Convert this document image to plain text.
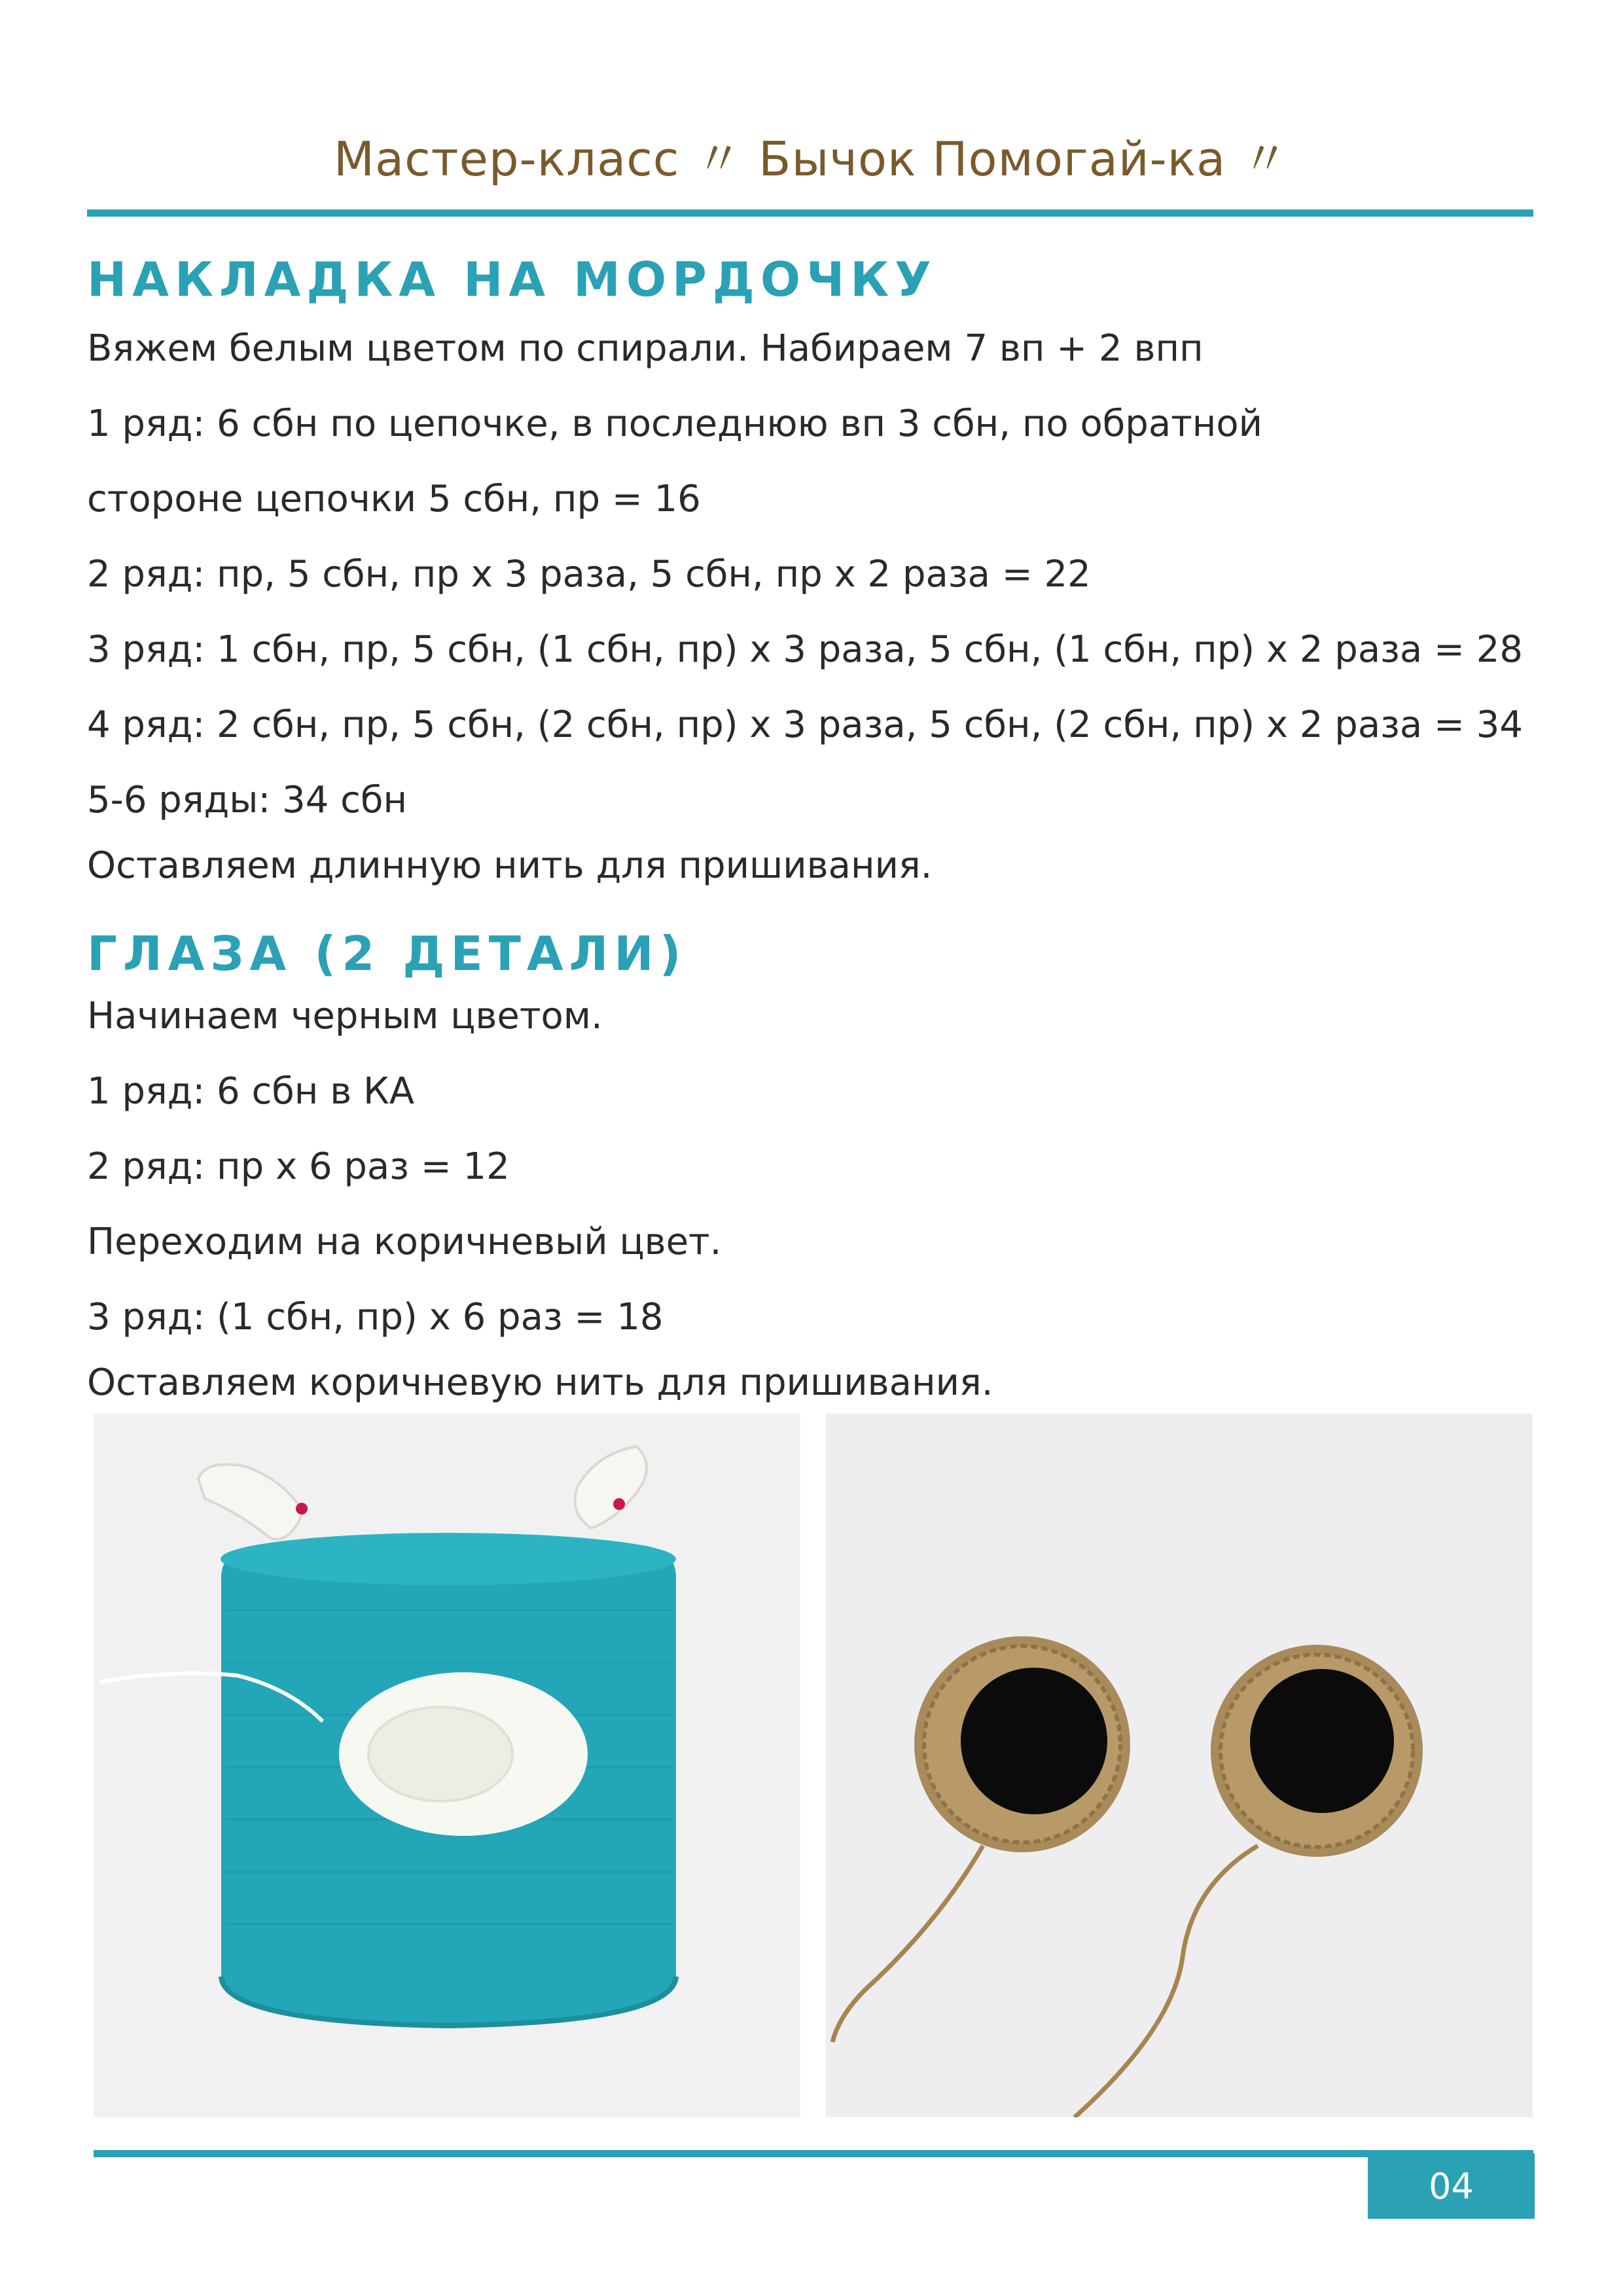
Мастер-класс 〃 Бычок Помогай-ка 〃
НАКЛАДКА НА МОРДОЧКУ
Вяжем белым цветом по спирали. Набираем 7 вп + 2 впп
1 ряд: 6 сбн по цепочке, в последнюю вп 3 сбн, по обратной
стороне цепочки 5 сбн, пр = 16
2 ряд: пр, 5 сбн, пр х 3 раза, 5 сбн, пр х 2 раза = 22
3 ряд: 1 сбн, пр, 5 сбн, (1 сбн, пр) х 3 раза, 5 сбн, (1 сбн, пр) х 2 раза = 28
4 ряд: 2 сбн, пр, 5 сбн, (2 сбн, пр) х 3 раза, 5 сбн, (2 сбн, пр) х 2 раза = 34
5-6 ряды: 34 сбн
Оставляем длинную нить для пришивания.
ГЛАЗА (2 ДЕТАЛИ)
Начинаем черным цветом.
1 ряд: 6 сбн в КА
2 ряд: пр х 6 раз = 12
Переходим на коричневый цвет.
3 ряд: (1 сбн, пр) х 6 раз = 18
Оставляем коричневую нить для пришивания.
04
